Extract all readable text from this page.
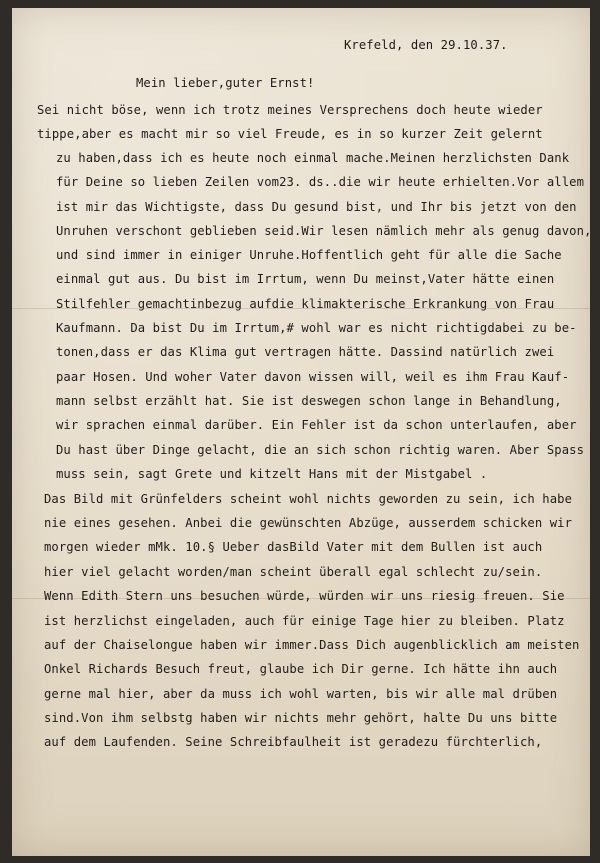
Krefeld, den 29.10.37.
Mein lieber,guter Ernst!
Sei nicht böse, wenn ich trotz meines Versprechens doch heute wieder
tippe,aber es macht mir so viel Freude, es in so kurzer Zeit gelernt
zu haben,dass ich es heute noch einmal mache.Meinen herzlichsten Dank
für Deine so lieben Zeilen vom23. ds..die wir heute erhielten.Vor allem
ist mir das Wichtigste, dass Du gesund bist, und Ihr bis jetzt von den
Unruhen verschont geblieben seid.Wir lesen nämlich mehr als genug davon,
und sind immer in einiger Unruhe.Hoffentlich geht für alle die Sache
einmal gut aus. Du bist im Irrtum, wenn Du meinst,Vater hätte einen
Stilfehler gemachtinbezug aufdie klimakterische Erkrankung von Frau
Kaufmann. Da bist Du im Irrtum,# wohl war es nicht richtigdabei zu be-
tonen,dass er das Klima gut vertragen hätte. Dassind natürlich zwei
paar Hosen. Und woher Vater davon wissen will, weil es ihm Frau Kauf-
mann selbst erzählt hat. Sie ist deswegen schon lange in Behandlung,
wir sprachen einmal darüber. Ein Fehler ist da schon unterlaufen, aber
Du hast über Dinge gelacht, die an sich schon richtig waren. Aber Spass
muss sein, sagt Grete und kitzelt Hans mit der Mistgabel .
Das Bild mit Grünfelders scheint wohl nichts geworden zu sein, ich habe
nie eines gesehen. Anbei die gewünschten Abzüge, ausserdem schicken wir
morgen wieder mMk. 10.§ Ueber dasBild Vater mit dem Bullen ist auch
hier viel gelacht worden/man scheint überall egal schlecht zu/sein.
Wenn Edith Stern uns besuchen würde, würden wir uns riesig freuen. Sie
ist herzlichst eingeladen, auch für einige Tage hier zu bleiben. Platz
auf der Chaiselongue haben wir immer.Dass Dich augenblicklich am meisten
Onkel Richards Besuch freut, glaube ich Dir gerne. Ich hätte ihn auch
gerne mal hier, aber da muss ich wohl warten, bis wir alle mal drüben
sind.Von ihm selbstg haben wir nichts mehr gehört, halte Du uns bitte
auf dem Laufenden. Seine Schreibfaulheit ist geradezu fürchterlich,
